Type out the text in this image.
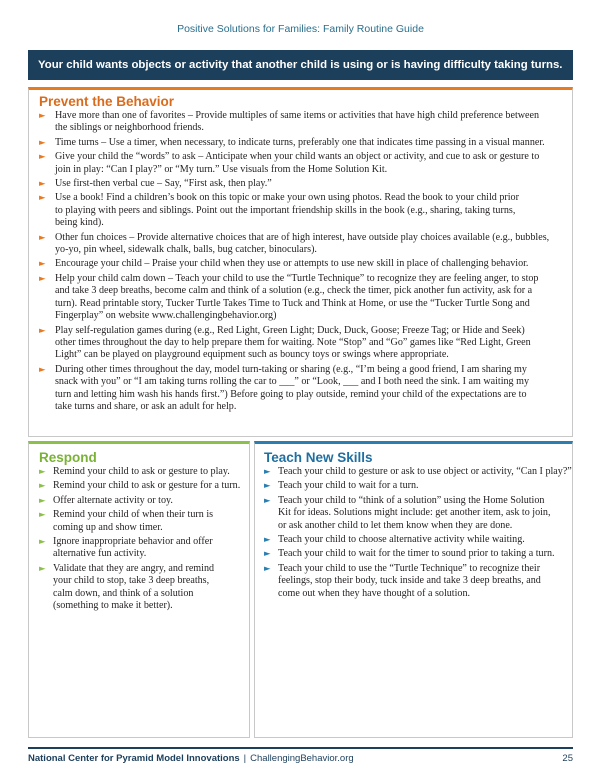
Positive Solutions for Families: Family Routine Guide
Your child wants objects or activity that another child is using or is having difficulty taking turns.
Prevent the Behavior
► Have more than one of favorites – Provide multiples of same items or activities that have high child preference between
the siblings or neighborhood friends.
► Time turns – Use a timer, when necessary, to indicate turns, preferably one that indicates time passing in a visual manner.
► Give your child the “words” to ask – Anticipate when your child wants an object or activity, and cue to ask or gesture to
join in play: “Can I play?” or “My turn.” Use visuals from the Home Solution Kit.
► Use first-then verbal cue – Say, “First ask, then play.”
► Use a book! Find a children’s book on this topic or make your own using photos. Read the book to your child prior
to playing with peers and siblings. Point out the important friendship skills in the book (e.g., sharing, taking turns,
being kind).
► Other fun choices – Provide alternative choices that are of high interest, have outside play choices available (e.g., bubbles,
yo-yo, pin wheel, sidewalk chalk, balls, bug catcher, binoculars).
► Encourage your child – Praise your child when they use or attempts to use new skill in place of challenging behavior.
► Help your child calm down – Teach your child to use the “Turtle Technique” to recognize they are feeling anger, to stop
and take 3 deep breaths, become calm and think of a solution (e.g., check the timer, pick another fun activity, ask for a
turn). Read printable story, Tucker Turtle Takes Time to Tuck and Think at Home, or use the “Tucker Turtle Song and
Fingerplay” on website www.challengingbehavior.org)
► Play self-regulation games during (e.g., Red Light, Green Light; Duck, Duck, Goose; Freeze Tag; or Hide and Seek)
other times throughout the day to help prepare them for waiting. Note “Stop” and “Go” games like “Red Light, Green
Light” can be played on playground equipment such as bouncy toys or swings where appropriate.
► During other times throughout the day, model turn-taking or sharing (e.g., “I’m being a good friend, I am sharing my
snack with you” or “I am taking turns rolling the car to ___” or “Look, ___ and I both need the sink. I am waiting my
turn and letting him wash his hands first.”) Before going to play outside, remind your child of the expectations are to
take turns and share, or ask an adult for help.
Respond
► Remind your child to ask or gesture to play.
► Remind your child to ask or gesture for a turn.
► Offer alternate activity or toy.
► Remind your child of when their turn is
coming up and show timer.
► Ignore inappropriate behavior and offer
alternative fun activity.
► Validate that they are angry, and remind
your child to stop, take 3 deep breaths,
calm down, and think of a solution
(something to make it better).
Teach New Skills
► Teach your child to gesture or ask to use object or activity, “Can I play?”
► Teach your child to wait for a turn.
► Teach your child to “think of a solution” using the Home Solution
Kit for ideas. Solutions might include: get another item, ask to join,
or ask another child to let them know when they are done.
► Teach your child to choose alternative activity while waiting.
► Teach your child to wait for the timer to sound prior to taking a turn.
► Teach your child to use the “Turtle Technique” to recognize their
feelings, stop their body, tuck inside and take 3 deep breaths, and
come out when they have thought of a solution.
National Center for Pyramid Model Innovations | ChallengingBehavior.org	25
